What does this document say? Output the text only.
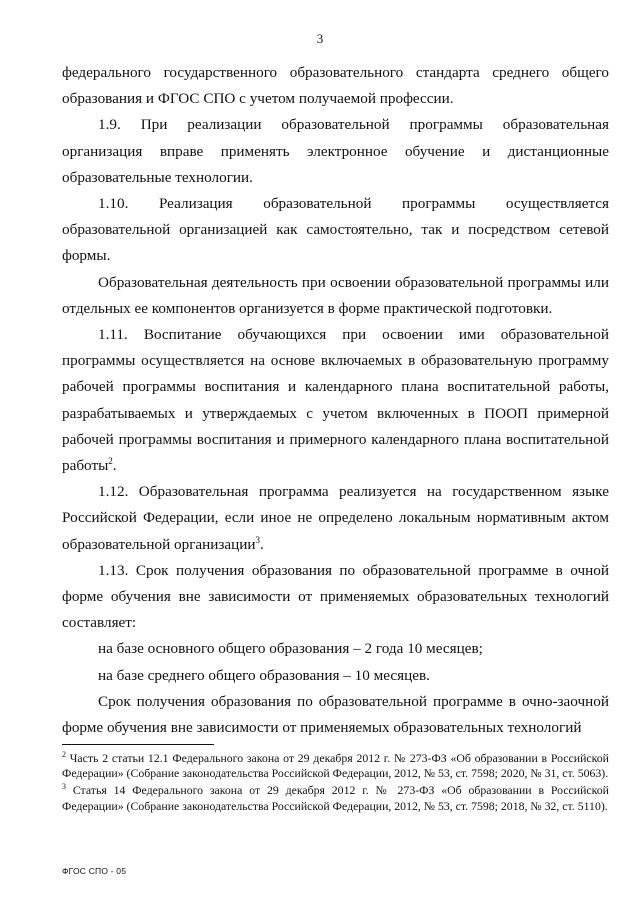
3

федерального государственного образовательного стандарта среднего общего образования и ФГОС СПО с учетом получаемой профессии.

1.9. При реализации образовательной программы образовательная организация вправе применять электронное обучение и дистанционные образовательные технологии.

1.10. Реализация образовательной программы осуществляется образовательной организацией как самостоятельно, так и посредством сетевой формы.

Образовательная деятельность при освоении образовательной программы или отдельных ее компонентов организуется в форме практической подготовки.

1.11. Воспитание обучающихся при освоении ими образовательной программы осуществляется на основе включаемых в образовательную программу рабочей программы воспитания и календарного плана воспитательной работы, разрабатываемых и утверждаемых с учетом включенных в ПООП примерной рабочей программы воспитания и примерного календарного плана воспитательной работы$^2$.

1.12. Образовательная программа реализуется на государственном языке Российской Федерации, если иное не определено локальным нормативным актом образовательной организации$^3$.

1.13. Срок получения образования по образовательной программе в очной форме обучения вне зависимости от применяемых образовательных технологий составляет:

на базе основного общего образования – 2 года 10 месяцев;

на базе среднего общего образования – 10 месяцев.

Срок получения образования по образовательной программе в очно-заочной форме обучения вне зависимости от применяемых образовательных технологий

$^2$ Часть 2 статьи 12.1 Федерального закона от 29 декабря 2012 г. № 273-ФЗ «Об образовании в Российской Федерации» (Собрание законодательства Российской Федерации, 2012, № 53, ст. 7598; 2020, № 31, ст. 5063).

$^3$ Статья 14 Федерального закона от 29 декабря 2012 г. № 273-ФЗ «Об образовании в Российской Федерации» (Собрание законодательства Российской Федерации, 2012, № 53, ст. 7598; 2018, № 32, ст. 5110).

ФГОС СПО - 05
